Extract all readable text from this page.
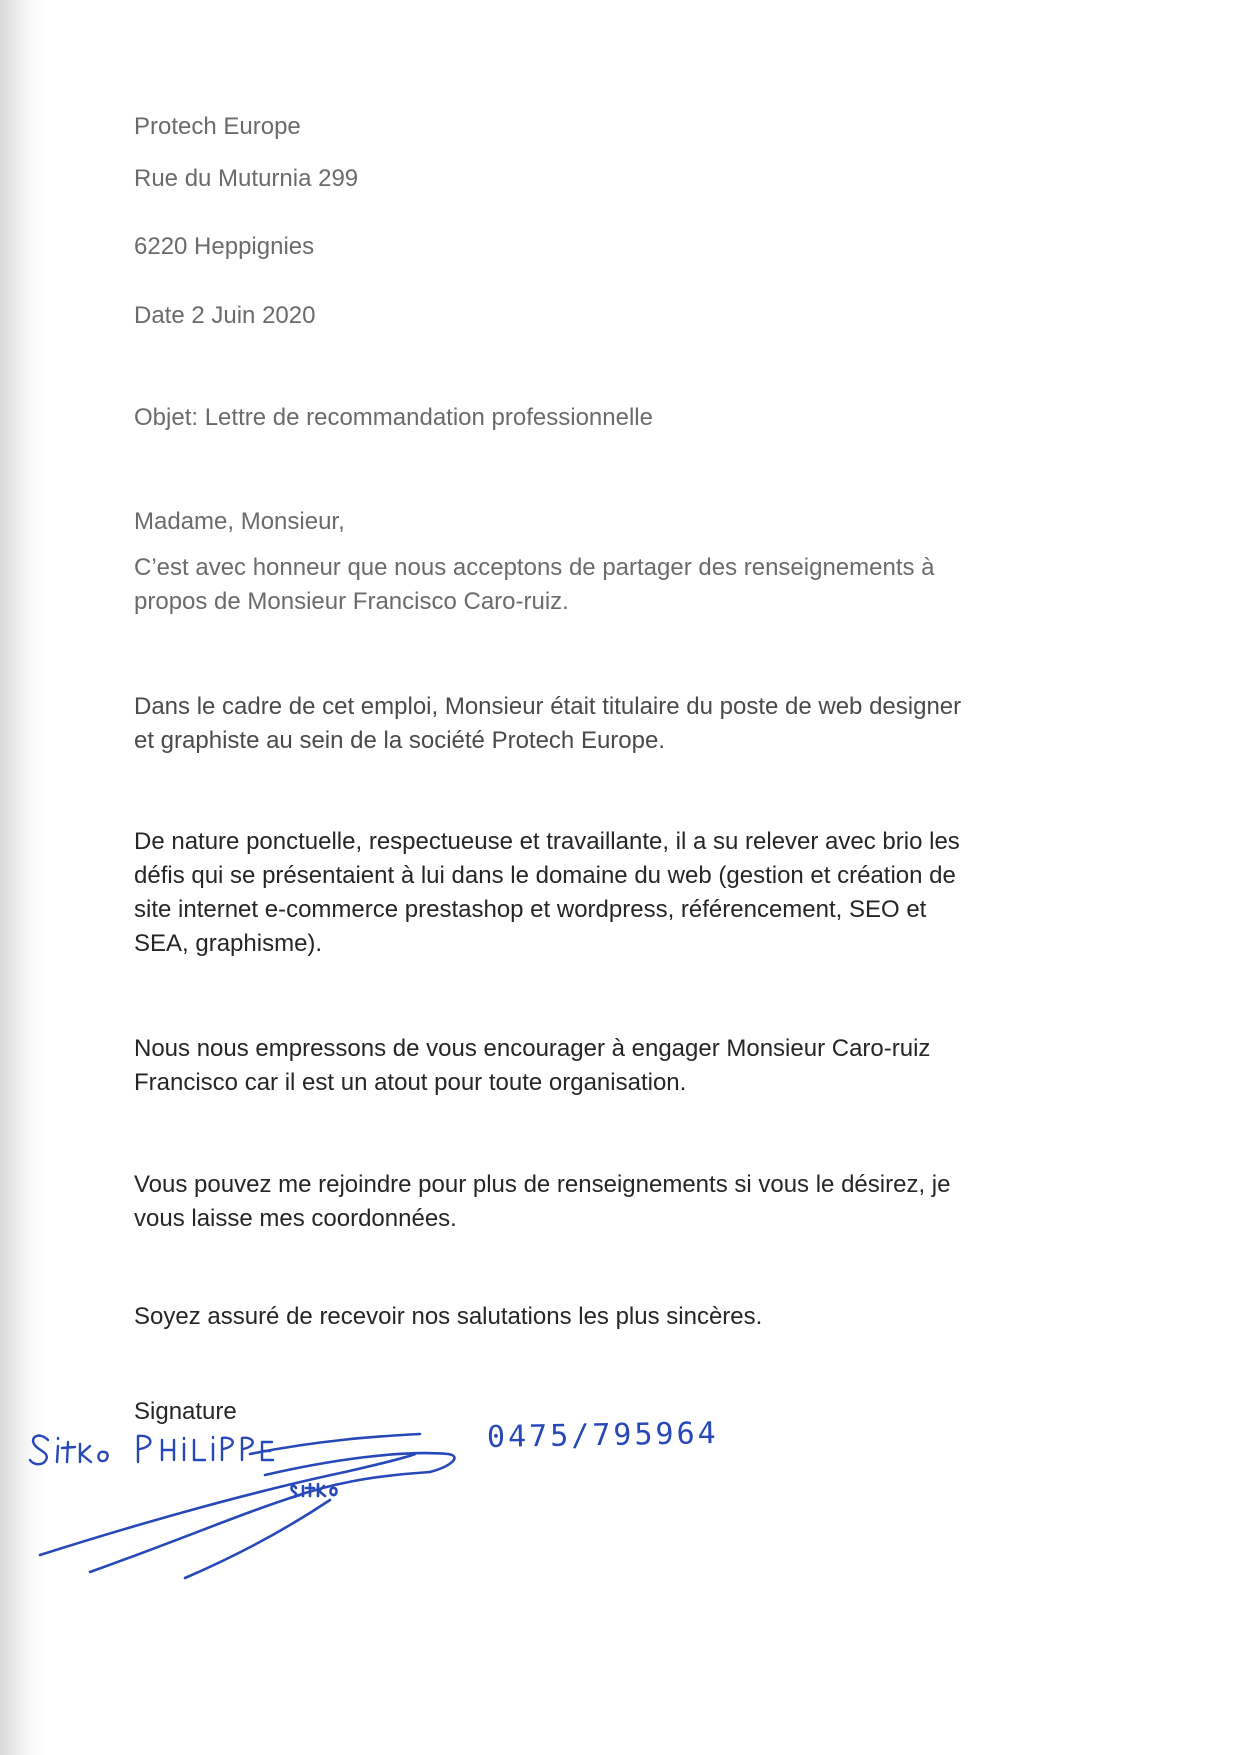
Protech Europe

Rue du Muturnia 299

6220 Heppignies

Date 2 Juin 2020

Objet: Lettre de recommandation professionnelle

Madame, Monsieur,

C’est avec honneur que nous acceptons de partager des renseignements à
propos de Monsieur Francisco Caro-ruiz.
Dans le cadre de cet emploi, Monsieur était titulaire du poste de web designer
et graphiste au sein de la société Protech Europe.
De nature ponctuelle, respectueuse et travaillante, il a su relever avec brio les
défis qui se présentaient à lui dans le domaine du web (gestion et création de
site internet e-commerce prestashop et wordpress, référencement, SEO et
SEA, graphisme).
Nous nous empressons de vous encourager à engager Monsieur Caro-ruiz
Francisco car il est un atout pour toute organisation.
Vous pouvez me rejoindre pour plus de renseignements si vous le désirez, je
vous laisse mes coordonnées.

Soyez assuré de recevoir nos salutations les plus sincères.

Signature
0475/795964
